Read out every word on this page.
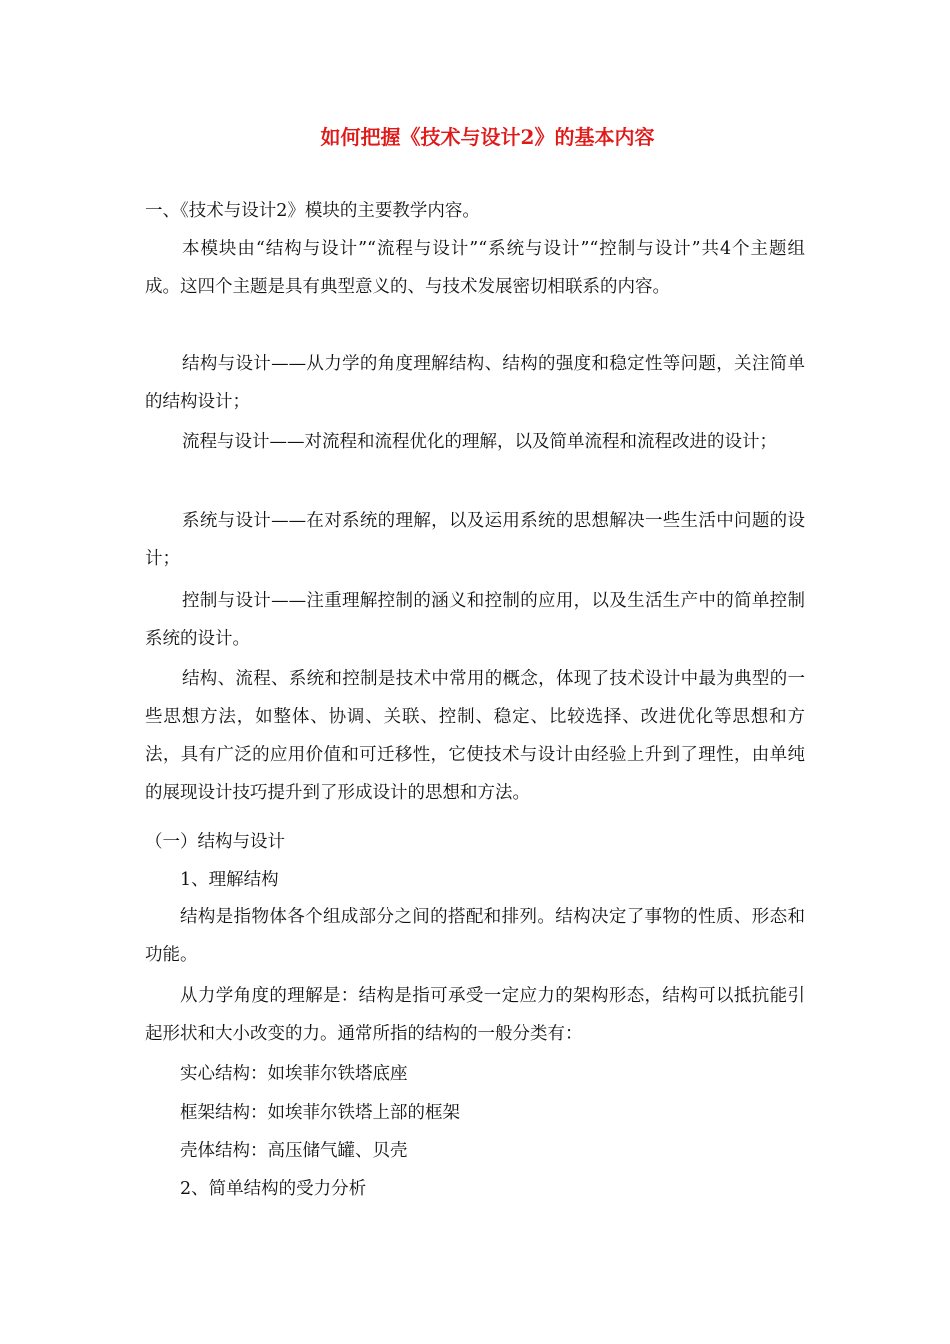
如何把握《技术与设计2》的基本内容

一、《技术与设计2》模块的主要教学内容。

本模块由“结构与设计”“流程与设计”“系统与设计”“控制与设计”共4个主题组成。这四个主题是具有典型意义的、与技术发展密切相联系的内容。

结构与设计——从力学的角度理解结构、结构的强度和稳定性等问题，关注简单的结构设计；

流程与设计——对流程和流程优化的理解，以及简单流程和流程改进的设计；

系统与设计——在对系统的理解，以及运用系统的思想解决一些生活中问题的设计；

控制与设计——注重理解控制的涵义和控制的应用，以及生活生产中的简单控制系统的设计。

结构、流程、系统和控制是技术中常用的概念，体现了技术设计中最为典型的一些思想方法，如整体、协调、关联、控制、稳定、比较选择、改进优化等思想和方法，具有广泛的应用价值和可迁移性，它使技术与设计由经验上升到了理性，由单纯的展现设计技巧提升到了形成设计的思想和方法。

（一）结构与设计

1、理解结构

结构是指物体各个组成部分之间的搭配和排列。结构决定了事物的性质、形态和功能。

从力学角度的理解是：结构是指可承受一定应力的架构形态，结构可以抵抗能引起形状和大小改变的力。通常所指的结构的一般分类有：

实心结构：如埃菲尔铁塔底座

框架结构：如埃菲尔铁塔上部的框架

壳体结构：高压储气罐、贝壳

2、简单结构的受力分析
